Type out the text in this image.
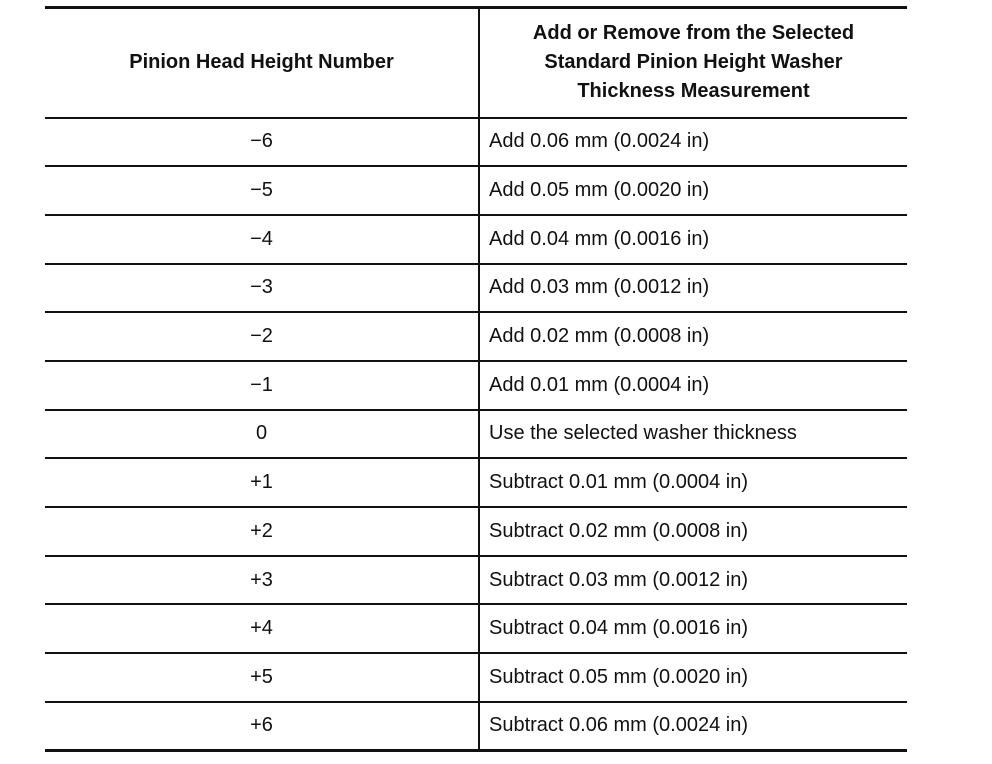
Pinion Head Height Number	Add or Remove from the Selected
Standard Pinion Height Washer
Thickness Measurement

−6	Add 0.06 mm (0.0024 in)
−5	Add 0.05 mm (0.0020 in)
−4	Add 0.04 mm (0.0016 in)
−3	Add 0.03 mm (0.0012 in)
−2	Add 0.02 mm (0.0008 in)
−1	Add 0.01 mm (0.0004 in)
0	Use the selected washer thickness
+1	Subtract 0.01 mm (0.0004 in)
+2	Subtract 0.02 mm (0.0008 in)
+3	Subtract 0.03 mm (0.0012 in)
+4	Subtract 0.04 mm (0.0016 in)
+5	Subtract 0.05 mm (0.0020 in)
+6	Subtract 0.06 mm (0.0024 in)
